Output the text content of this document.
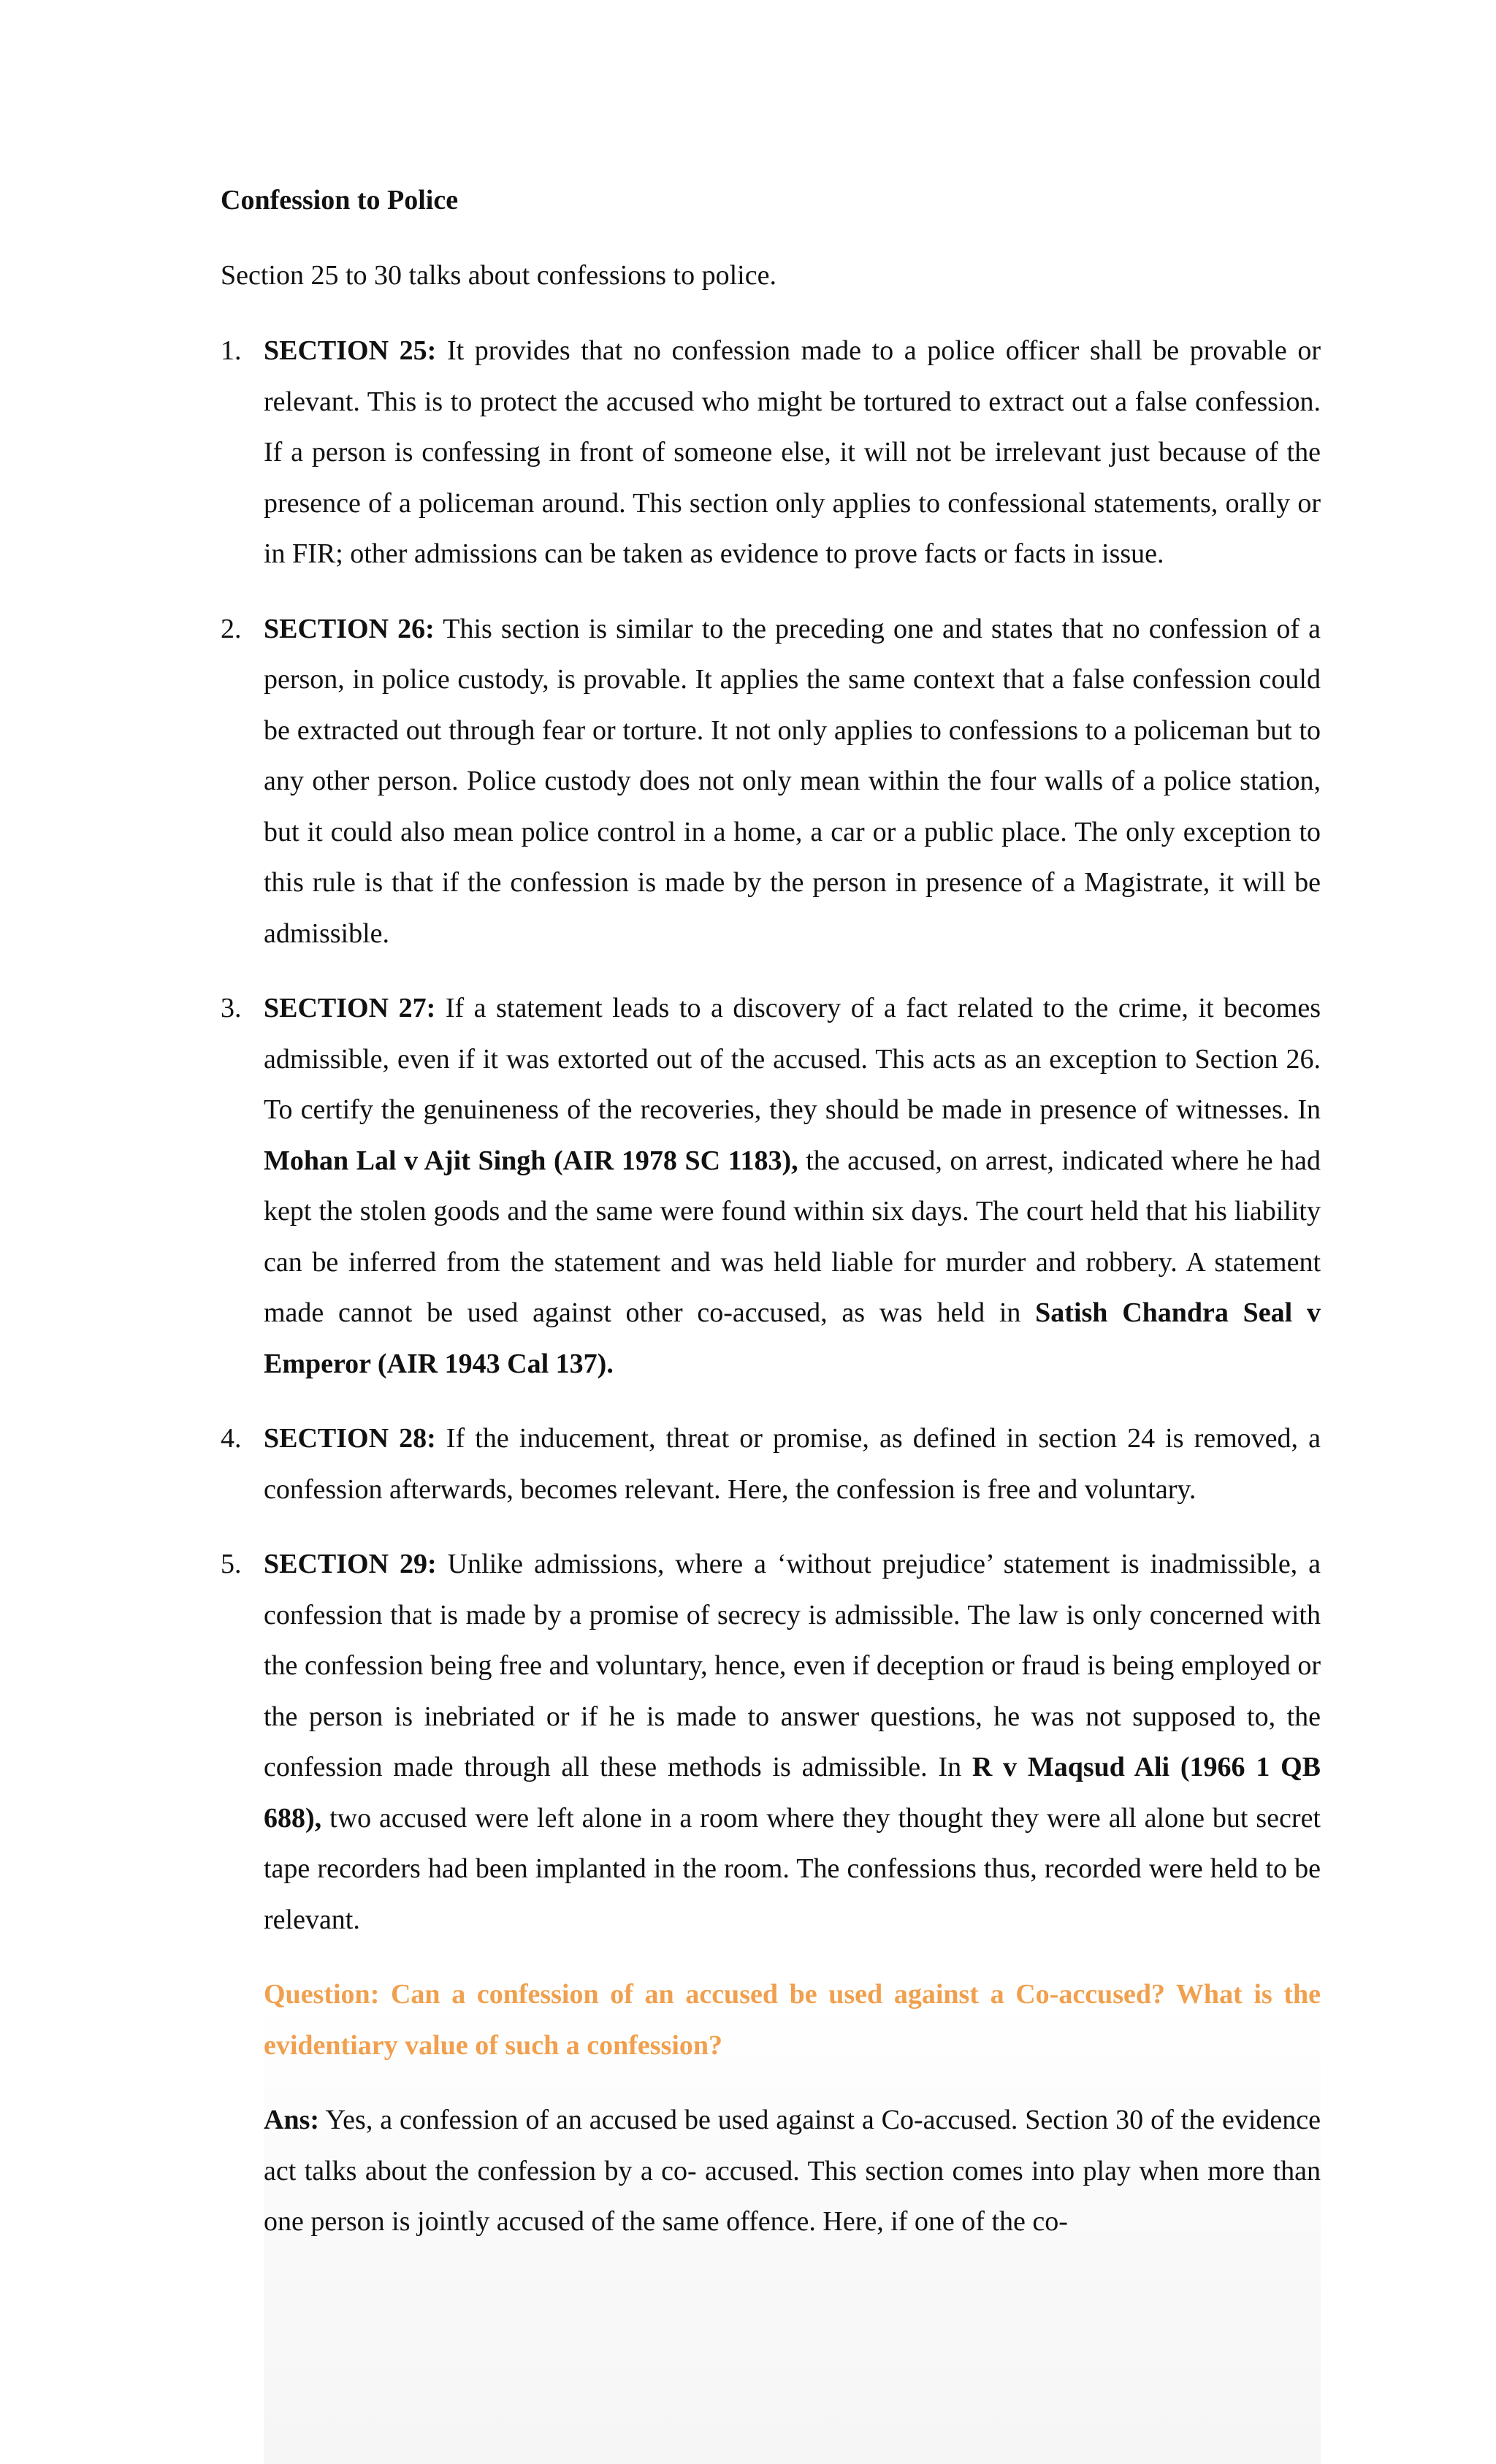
Confession to Police

Section 25 to 30 talks about confessions to police.

1. SECTION 25: It provides that no confession made to a police officer shall be provable or relevant. This is to protect the accused who might be tortured to extract out a false confession. If a person is confessing in front of someone else, it will not be irrelevant just because of the presence of a policeman around. This section only applies to confessional statements, orally or in FIR; other admissions can be taken as evidence to prove facts or facts in issue.
2. SECTION 26: This section is similar to the preceding one and states that no confession of a person, in police custody, is provable. It applies the same context that a false confession could be extracted out through fear or torture. It not only applies to confessions to a policeman but to any other person. Police custody does not only mean within the four walls of a police station, but it could also mean police control in a home, a car or a public place. The only exception to this rule is that if the confession is made by the person in presence of a Magistrate, it will be admissible.
3. SECTION 27: If a statement leads to a discovery of a fact related to the crime, it becomes admissible, even if it was extorted out of the accused. This acts as an exception to Section 26. To certify the genuineness of the recoveries, they should be made in presence of witnesses. In Mohan Lal v Ajit Singh (AIR 1978 SC 1183), the accused, on arrest, indicated where he had kept the stolen goods and the same were found within six days. The court held that his liability can be inferred from the statement and was held liable for murder and robbery. A statement made cannot be used against other co-accused, as was held in Satish Chandra Seal v Emperor (AIR 1943 Cal 137).
4. SECTION 28: If the inducement, threat or promise, as defined in section 24 is removed, a confession afterwards, becomes relevant. Here, the confession is free and voluntary.
5. SECTION 29: Unlike admissions, where a ‘without prejudice’ statement is inadmissible, a confession that is made by a promise of secrecy is admissible. The law is only concerned with the confession being free and voluntary, hence, even if deception or fraud is being employed or the person is inebriated or if he is made to answer questions, he was not supposed to, the confession made through all these methods is admissible. In R v Maqsud Ali (1966 1 QB 688), two accused were left alone in a room where they thought they were all alone but secret tape recorders had been implanted in the room. The confessions thus, recorded were held to be relevant.
Question: Can a confession of an accused be used against a Co-accused? What is the evidentiary value of such a confession?
Ans: Yes, a confession of an accused be used against a Co-accused. Section 30 of the evidence act talks about the confession by a co- accused. This section comes into play when more than one person is jointly accused of the same offence. Here, if one of the co-
